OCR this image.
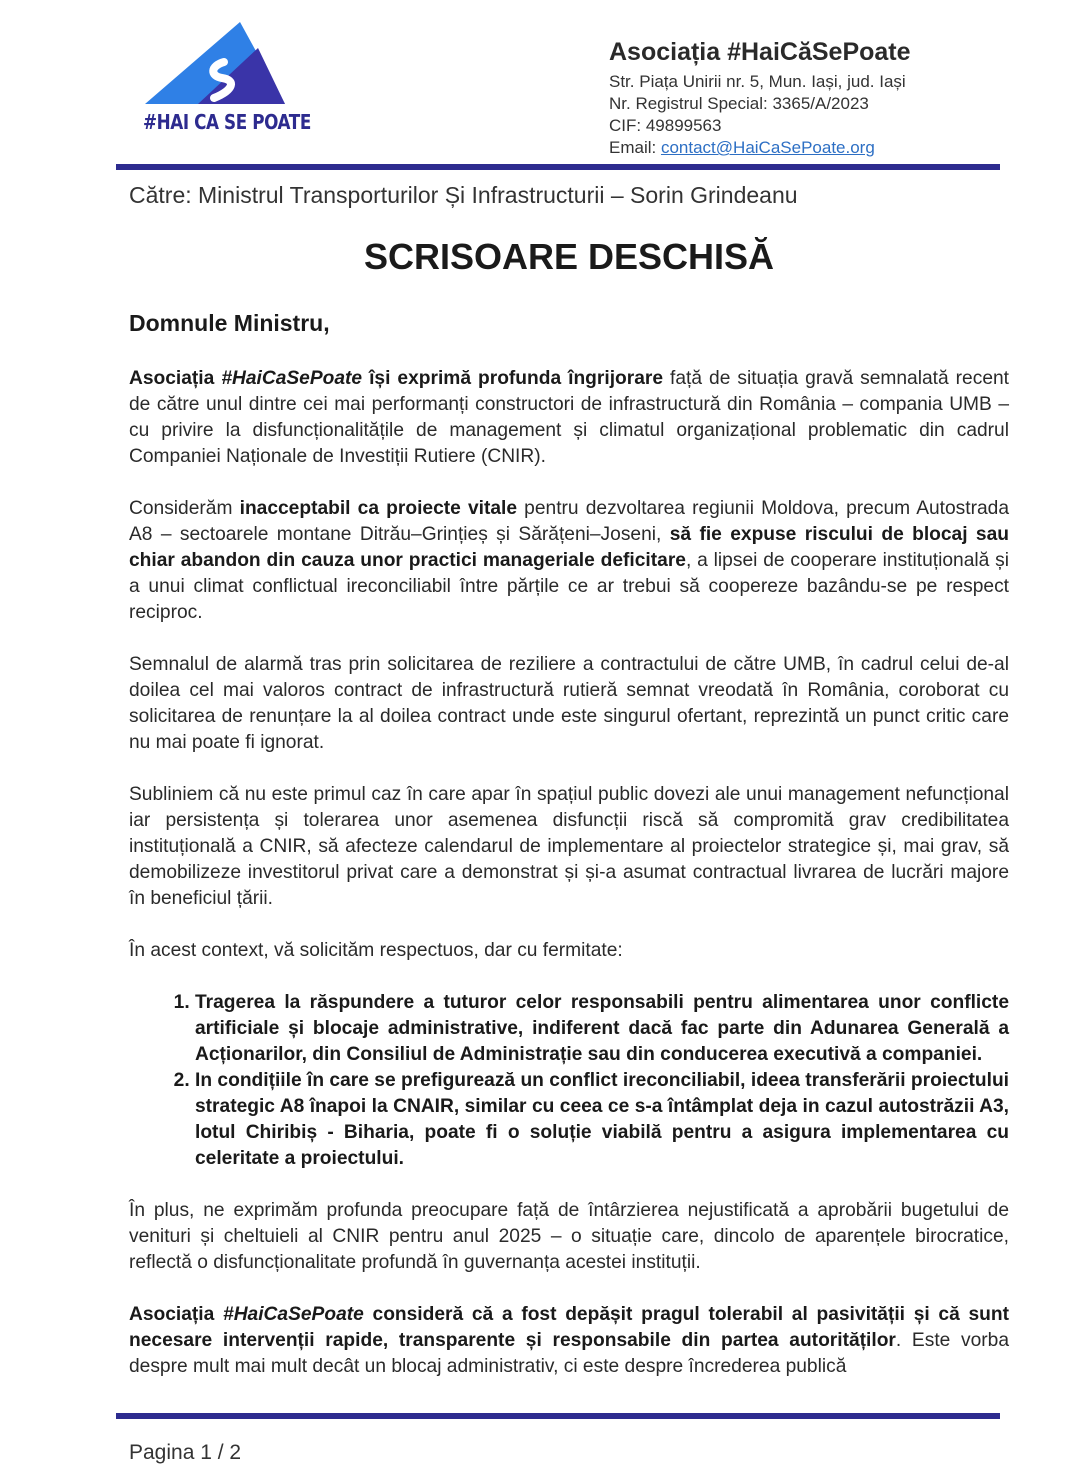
#HAI CA SE POATE
Asociația #HaiCăSePoate
Str. Piața Unirii nr. 5, Mun. Iași, jud. Iași
Nr. Registrul Special: 3365/A/2023
CIF: 49899563
Email: contact@HaiCaSePoate.org
Către: Ministrul Transporturilor Și Infrastructurii – Sorin Grindeanu
SCRISOARE DESCHISĂ
Domnule Ministru,

Asociația #HaiCaSePoate își exprimă profunda îngrijorare față de situația gravă semnalată recent de către unul dintre cei mai performanți constructori de infrastructură din România – compania UMB – cu privire la disfuncționalitățile de management și climatul organizațional problematic din cadrul Companiei Naționale de Investiții Rutiere (CNIR).

Considerăm inacceptabil ca proiecte vitale pentru dezvoltarea regiunii Moldova, precum Autostrada A8 – sectoarele montane Ditrău–Grințieș și Sărățeni–Joseni, să fie expuse riscului de blocaj sau chiar abandon din cauza unor practici manageriale deficitare, a lipsei de cooperare instituțională și a unui climat conflictual ireconciliabil între părțile ce ar trebui să coopereze bazându-se pe respect reciproc.

Semnalul de alarmă tras prin solicitarea de reziliere a contractului de către UMB, în cadrul celui de-al doilea cel mai valoros contract de infrastructură rutieră semnat vreodată în România, coroborat cu solicitarea de renunțare la al doilea contract unde este singurul ofertant, reprezintă un punct critic care nu mai poate fi ignorat.

Subliniem că nu este primul caz în care apar în spațiul public dovezi ale unui management nefuncțional iar persistența și tolerarea unor asemenea disfuncții riscă să compromită grav credibilitatea instituțională a CNIR, să afecteze calendarul de implementare al proiectelor strategice și, mai grav, să demobilizeze investitorul privat care a demonstrat și și-a asumat contractual livrarea de lucrări majore în beneficiul țării.

În acest context, vă solicităm respectuos, dar cu fermitate:

1. Tragerea la răspundere a tuturor celor responsabili pentru alimentarea unor conflicte artificiale și blocaje administrative, indiferent dacă fac parte din Adunarea Generală a Acționarilor, din Consiliul de Administrație sau din conducerea executivă a companiei.
2. In condițiile în care se prefigurează un conflict ireconciliabil, ideea transferării proiectului strategic A8 înapoi la CNAIR, similar cu ceea ce s-a întâmplat deja in cazul autostrăzii A3, lotul Chiribiș - Biharia, poate fi o soluție viabilă pentru a asigura implementarea cu celeritate a proiectului.

În plus, ne exprimăm profunda preocupare față de întârzierea nejustificată a aprobării bugetului de venituri și cheltuieli al CNIR pentru anul 2025 – o situație care, dincolo de aparențele birocratice, reflectă o disfuncționalitate profundă în guvernanța acestei instituții.

Asociația #HaiCaSePoate consideră că a fost depășit pragul tolerabil al pasivității și că sunt necesare intervenții rapide, transparente și responsabile din partea autorităților. Este vorba despre mult mai mult decât un blocaj administrativ, ci este despre încrederea publică

Pagina 1 / 2
